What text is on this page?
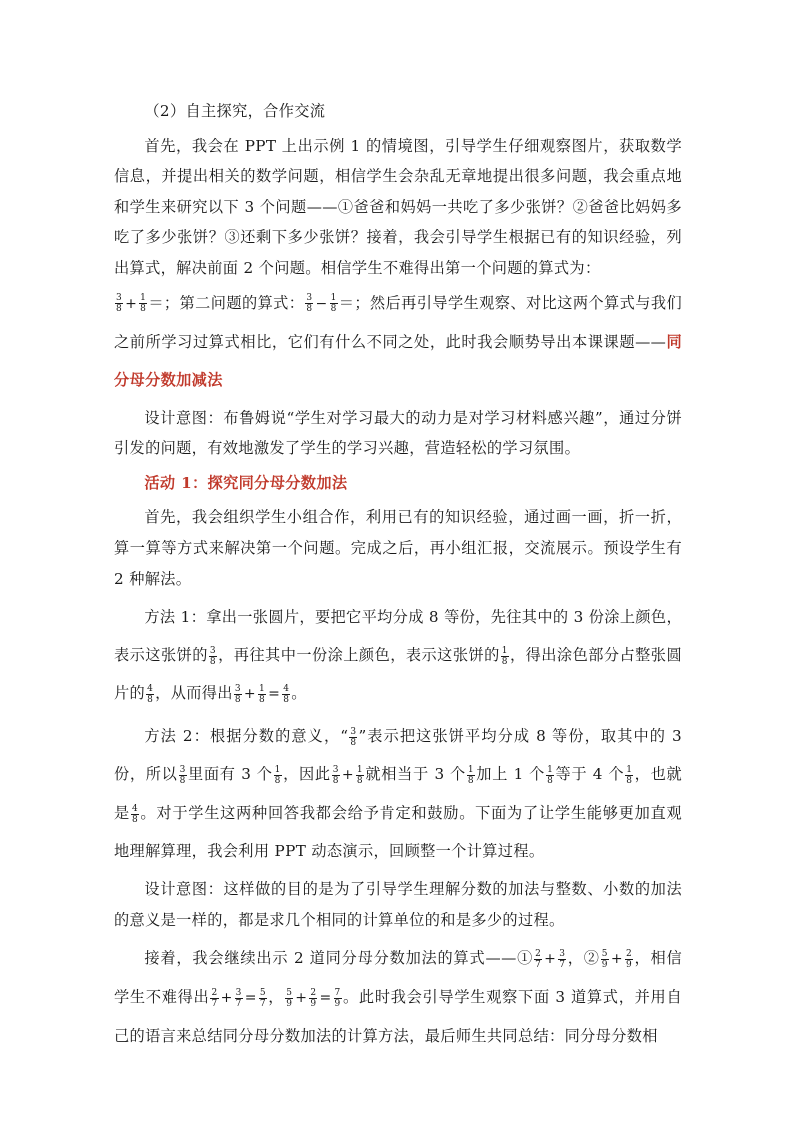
（2）自主探究，合作交流

首先，我会在 PPT 上出示例 1 的情境图，引导学生仔细观察图片，获取数学信息，并提出相关的数学问题，相信学生会杂乱无章地提出很多问题，我会重点地和学生来研究以下 3 个问题——①爸爸和妈妈一共吃了多少张饼？②爸爸比妈妈多吃了多少张饼？③还剩下多少张饼？接着，我会引导学生根据已有的知识经验，列出算式，解决前面 2 个问题。相信学生不难得出第一个问题的算式为：

$\frac{3}{8} + \frac{1}{8}$ ＝；第二问题的算式： $\frac{3}{8} - \frac{1}{8}$ ＝；然后再引导学生观察、对比这两个算式与我们之前所学习过算式相比，它们有什么不同之处，此时我会顺势导出本课课题——同分母分数加减法

设计意图：布鲁姆说“学生对学习最大的动力是对学习材料感兴趣”，通过分饼引发的问题，有效地激发了学生的学习兴趣，营造轻松的学习氛围。

活动 1：探究同分母分数加法

首先，我会组织学生小组合作，利用已有的知识经验，通过画一画，折一折，算一算等方式来解决第一个问题。完成之后，再小组汇报，交流展示。预设学生有 2 种解法。

方法 1：拿出一张圆片，要把它平均分成 8 等份，先往其中的 3 份涂上颜色，表示这张饼的 $\frac{3}{8}$ ，再往其中一份涂上颜色，表示这张饼的 $\frac{1}{8}$ ，得出涂色部分占整张圆片的 $\frac{4}{8}$ ，从而得出 $\frac{3}{8} + \frac{1}{8} = \frac{4}{8}$ 。

方法 2：根据分数的意义，“ $\frac{3}{8}$ ”表示把这张饼平均分成 8 等份，取其中的 3 份，所以 $\frac{3}{8}$ 里面有 3 个 $\frac{1}{8}$ ，因此 $\frac{3}{8} + \frac{1}{8}$ 就相当于 3 个 $\frac{1}{8}$ 加上 1 个 $\frac{1}{8}$ 等于 4 个 $\frac{1}{8}$ ，也就是 $\frac{4}{8}$ 。对于学生这两种回答我都会给予肯定和鼓励。下面为了让学生能够更加直观地理解算理，我会利用 PPT 动态演示，回顾整一个计算过程。

设计意图：这样做的目的是为了引导学生理解分数的加法与整数、小数的加法的意义是一样的，都是求几个相同的计算单位的和是多少的过程。

接着，我会继续出示 2 道同分母分数加法的算式——① $\frac{2}{7} + \frac{3}{7}$ ，② $\frac{5}{9} + \frac{2}{9}$ ，相信学生不难得出 $\frac{2}{7} + \frac{3}{7} = \frac{5}{7}$ ， $\frac{5}{9} + \frac{2}{9} = \frac{7}{9}$ 。此时我会引导学生观察下面 3 道算式，并用自己的语言来总结同分母分数加法的计算方法，最后师生共同总结：同分母分数相
